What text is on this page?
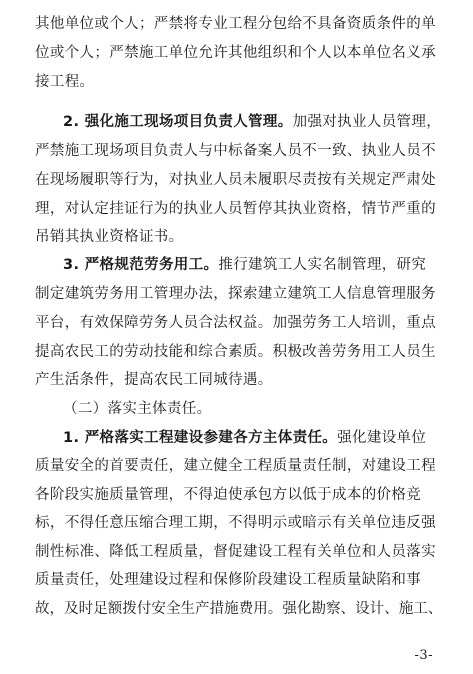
其他单位或个人；严禁将专业工程分包给不具备资质条件的单
位或个人；严禁施工单位允许其他组织和个人以本单位名义承
接工程。
2. 强化施工现场项目负责人管理。加强对执业人员管理，
严禁施工现场项目负责人与中标备案人员不一致、执业人员不
在现场履职等行为，对执业人员未履职尽责按有关规定严肃处
理，对认定挂证行为的执业人员暂停其执业资格，情节严重的
吊销其执业资格证书。
3. 严格规范劳务用工。推行建筑工人实名制管理，研究
制定建筑劳务用工管理办法，探索建立建筑工人信息管理服务
平台，有效保障劳务人员合法权益。加强劳务工人培训，重点
提高农民工的劳动技能和综合素质。积极改善劳务用工人员生
产生活条件，提高农民工同城待遇。
（二）落实主体责任。
1. 严格落实工程建设参建各方主体责任。强化建设单位
质量安全的首要责任，建立健全工程质量责任制，对建设工程
各阶段实施质量管理，不得迫使承包方以低于成本的价格竞
标，不得任意压缩合理工期，不得明示或暗示有关单位违反强
制性标准、降低工程质量，督促建设工程有关单位和人员落实
质量责任，处理建设过程和保修阶段建设工程质量缺陷和事
故，及时足额拨付安全生产措施费用。强化勘察、设计、施工、
-3-
